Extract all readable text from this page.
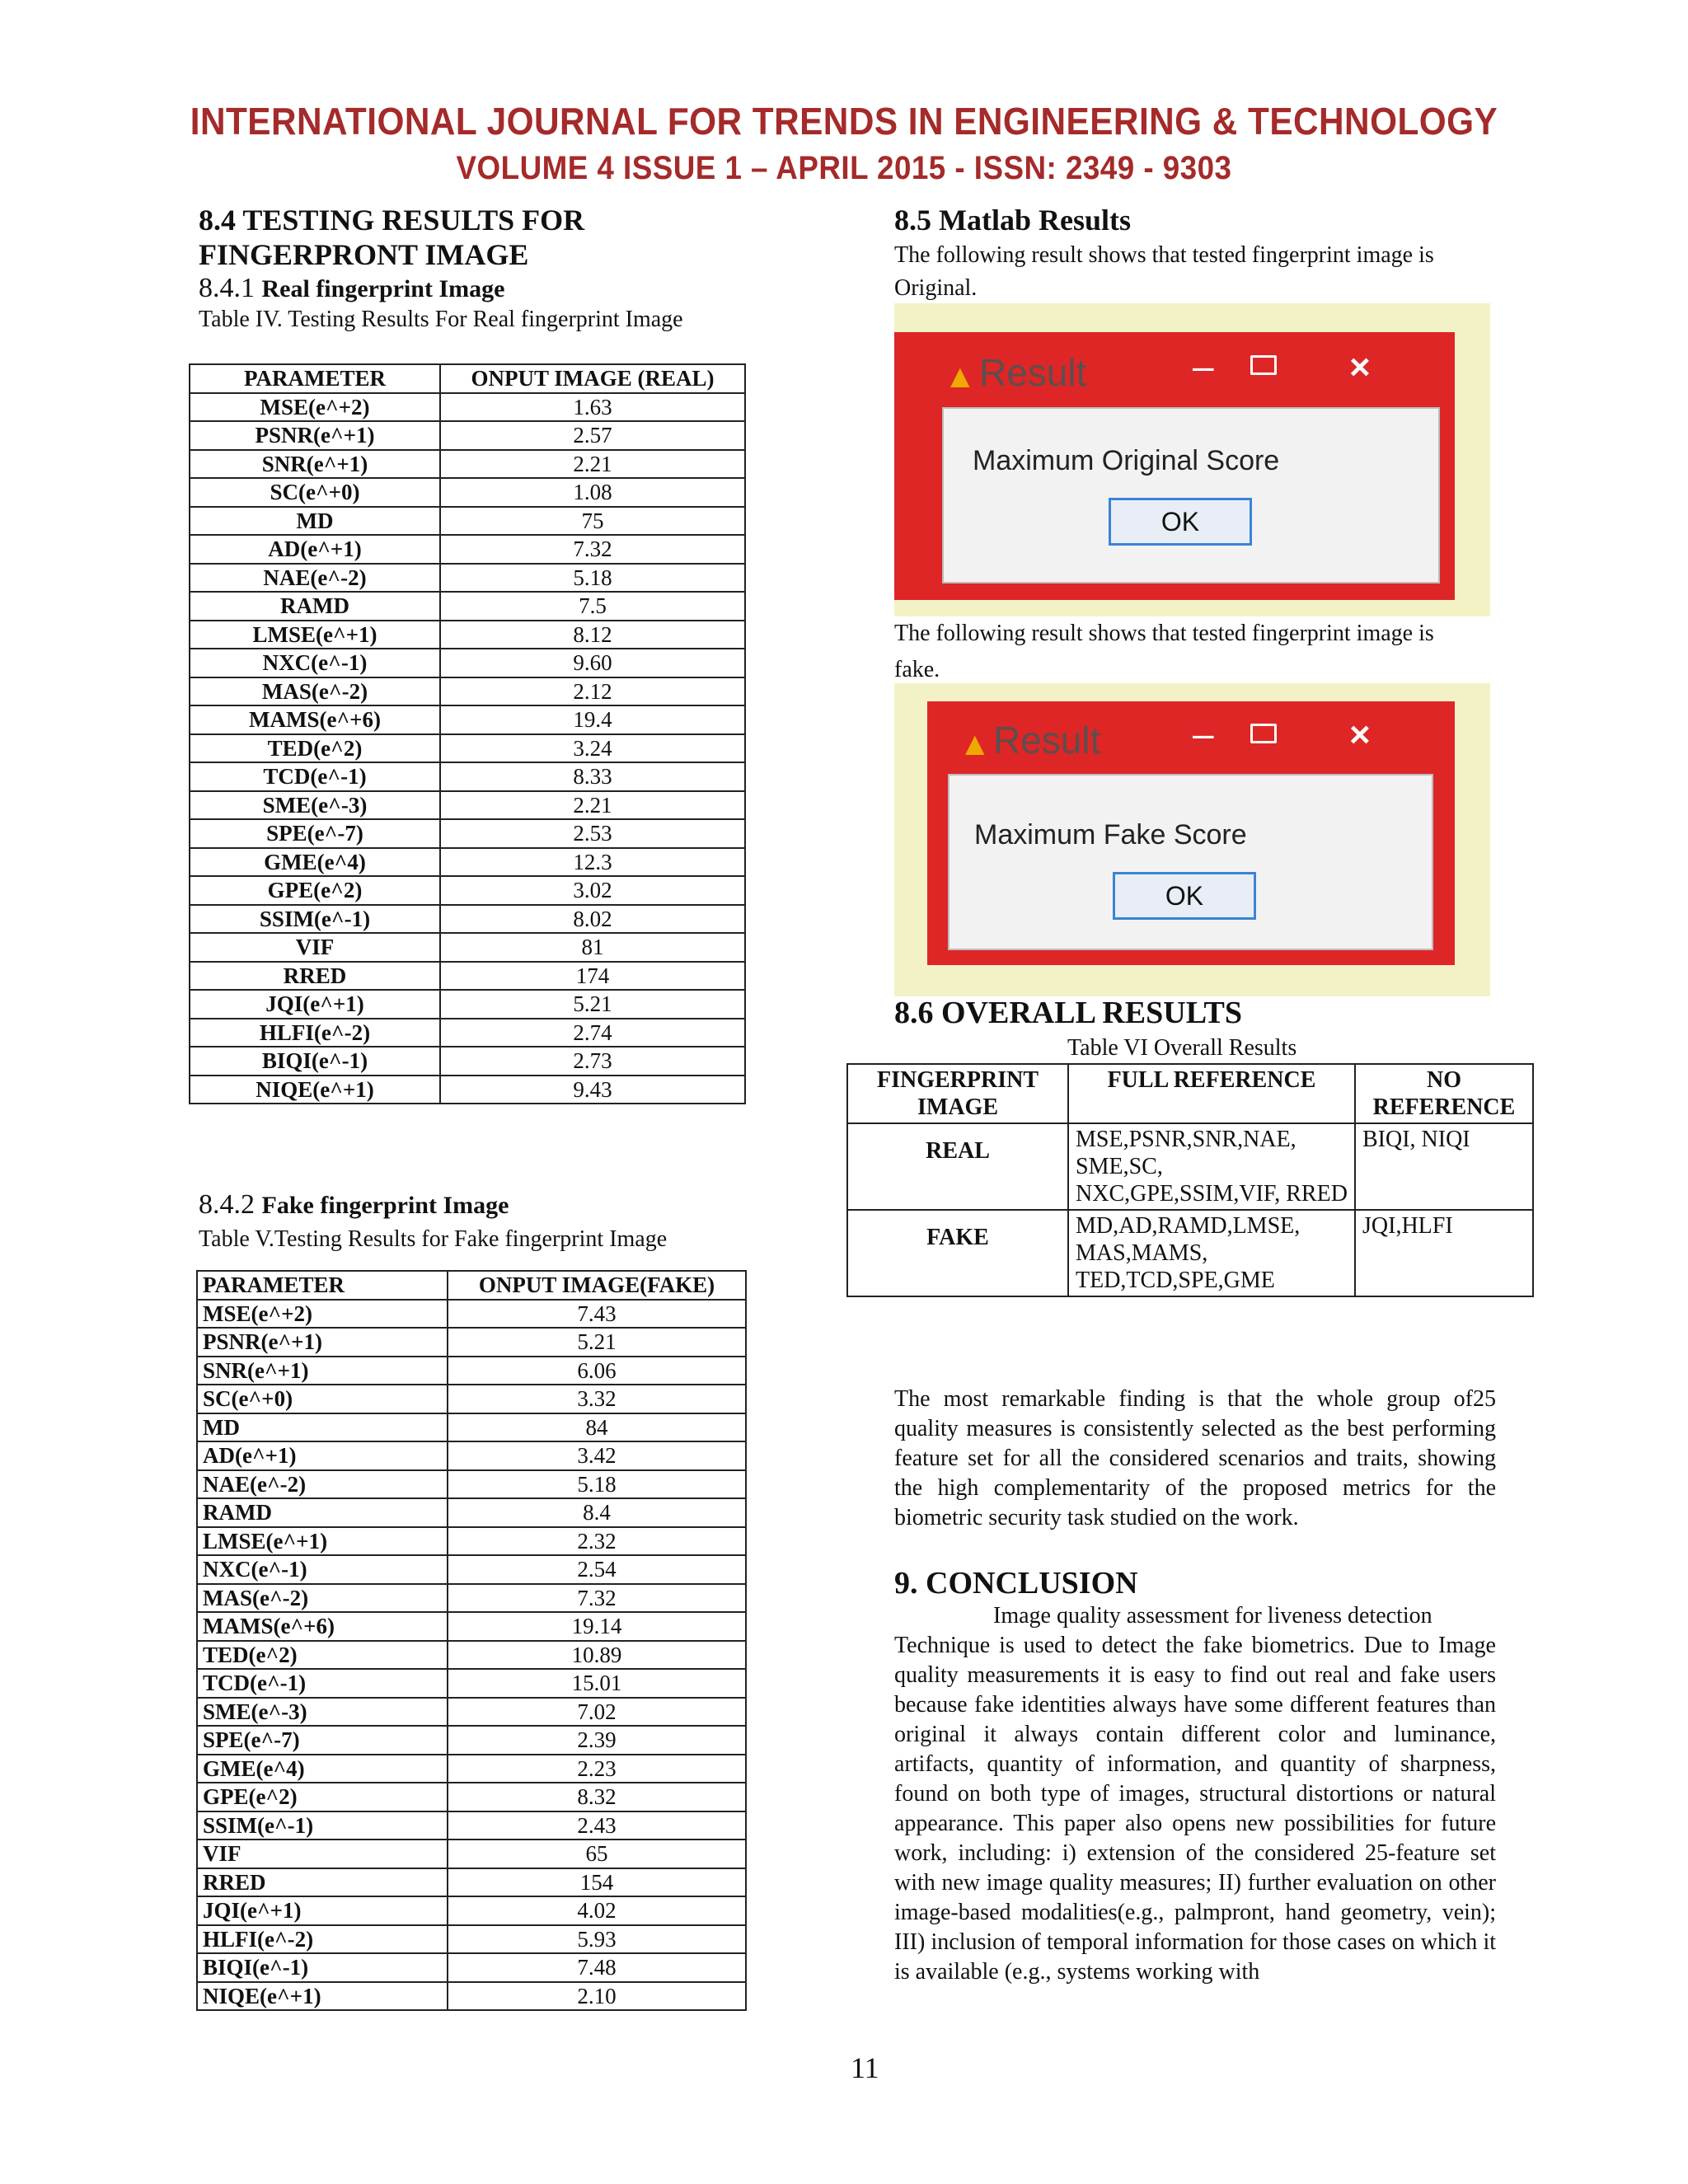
INTERNATIONAL JOURNAL FOR TRENDS IN ENGINEERING & TECHNOLOGY
VOLUME 4 ISSUE 1 – APRIL 2015 - ISSN: 2349 - 9303
8.4 TESTING RESULTS FOR
FINGERPRONT IMAGE
8.4.1 Real fingerprint Image
Table IV. Testing Results For Real fingerprint Image
PARAMETER	ONPUT IMAGE (REAL)
MSE(e^+2)	1.63
PSNR(e^+1)	2.57
SNR(e^+1)	2.21
SC(e^+0)	1.08
MD	75
AD(e^+1)	7.32
NAE(e^-2)	5.18
RAMD	7.5
LMSE(e^+1)	8.12
NXC(e^-1)	9.60
MAS(e^-2)	2.12
MAMS(e^+6)	19.4
TED(e^2)	3.24
TCD(e^-1)	8.33
SME(e^-3)	2.21
SPE(e^-7)	2.53
GME(e^4)	12.3
GPE(e^2)	3.02
SSIM(e^-1)	8.02
VIF	81
RRED	174
JQI(e^+1)	5.21
HLFI(e^-2)	2.74
BIQI(e^-1)	2.73
NIQE(e^+1)	9.43
8.4.2 Fake fingerprint Image
Table V.Testing Results for Fake fingerprint Image
PARAMETER	ONPUT IMAGE(FAKE)
MSE(e^+2)	7.43
PSNR(e^+1)	5.21
SNR(e^+1)	6.06
SC(e^+0)	3.32
MD	84
AD(e^+1)	3.42
NAE(e^-2)	5.18
RAMD	8.4
LMSE(e^+1)	2.32
NXC(e^-1)	2.54
MAS(e^-2)	7.32
MAMS(e^+6)	19.14
TED(e^2)	10.89
TCD(e^-1)	15.01
SME(e^-3)	7.02
SPE(e^-7)	2.39
GME(e^4)	2.23
GPE(e^2)	8.32
SSIM(e^-1)	2.43
VIF	65
RRED	154
JQI(e^+1)	4.02
HLFI(e^-2)	5.93
BIQI(e^-1)	7.48
NIQE(e^+1)	2.10
8.5 Matlab Results
The following result shows that tested fingerprint image is
Original.
▲ Result	–	×
Maximum Original Score
OK
The following result shows that tested fingerprint image is
fake.
▲ Result –	×
Maximum Fake Score
OK
8.6 OVERALL RESULTS
Table VI Overall Results
FINGERPRINT IMAGE	FULL REFERENCE	NO REFERENCE
REAL	MSE,PSNR,SNR,NAE, SME,SC, NXC,GPE,SSIM,VIF, RRED	BIQI, NIQI
FAKE	MD,AD,RAMD,LMSE, MAS,MAMS, TED,TCD,SPE,GME	JQI,HLFI
The most remarkable finding is that the whole group of25 quality measures is consistently selected as the best performing feature set for all the considered scenarios and traits, showing the high complementarity of the proposed metrics for the biometric security task studied on the work.
9. CONCLUSION
Image quality assessment for liveness detection
Technique is used to detect the fake biometrics. Due to Image quality measurements it is easy to find out real and fake users because fake identities always have some different features than original it always contain different color and luminance, artifacts, quantity of information, and quantity of sharpness, found on both type of images, structural distortions or natural appearance. This paper also opens new possibilities for future work, including: i) extension of the considered 25-feature set with new image quality measures; II) further evaluation on other image-based modalities(e.g., palmpront, hand geometry, vein); III) inclusion of temporal information for those cases on which it is available (e.g., systems working with
11
